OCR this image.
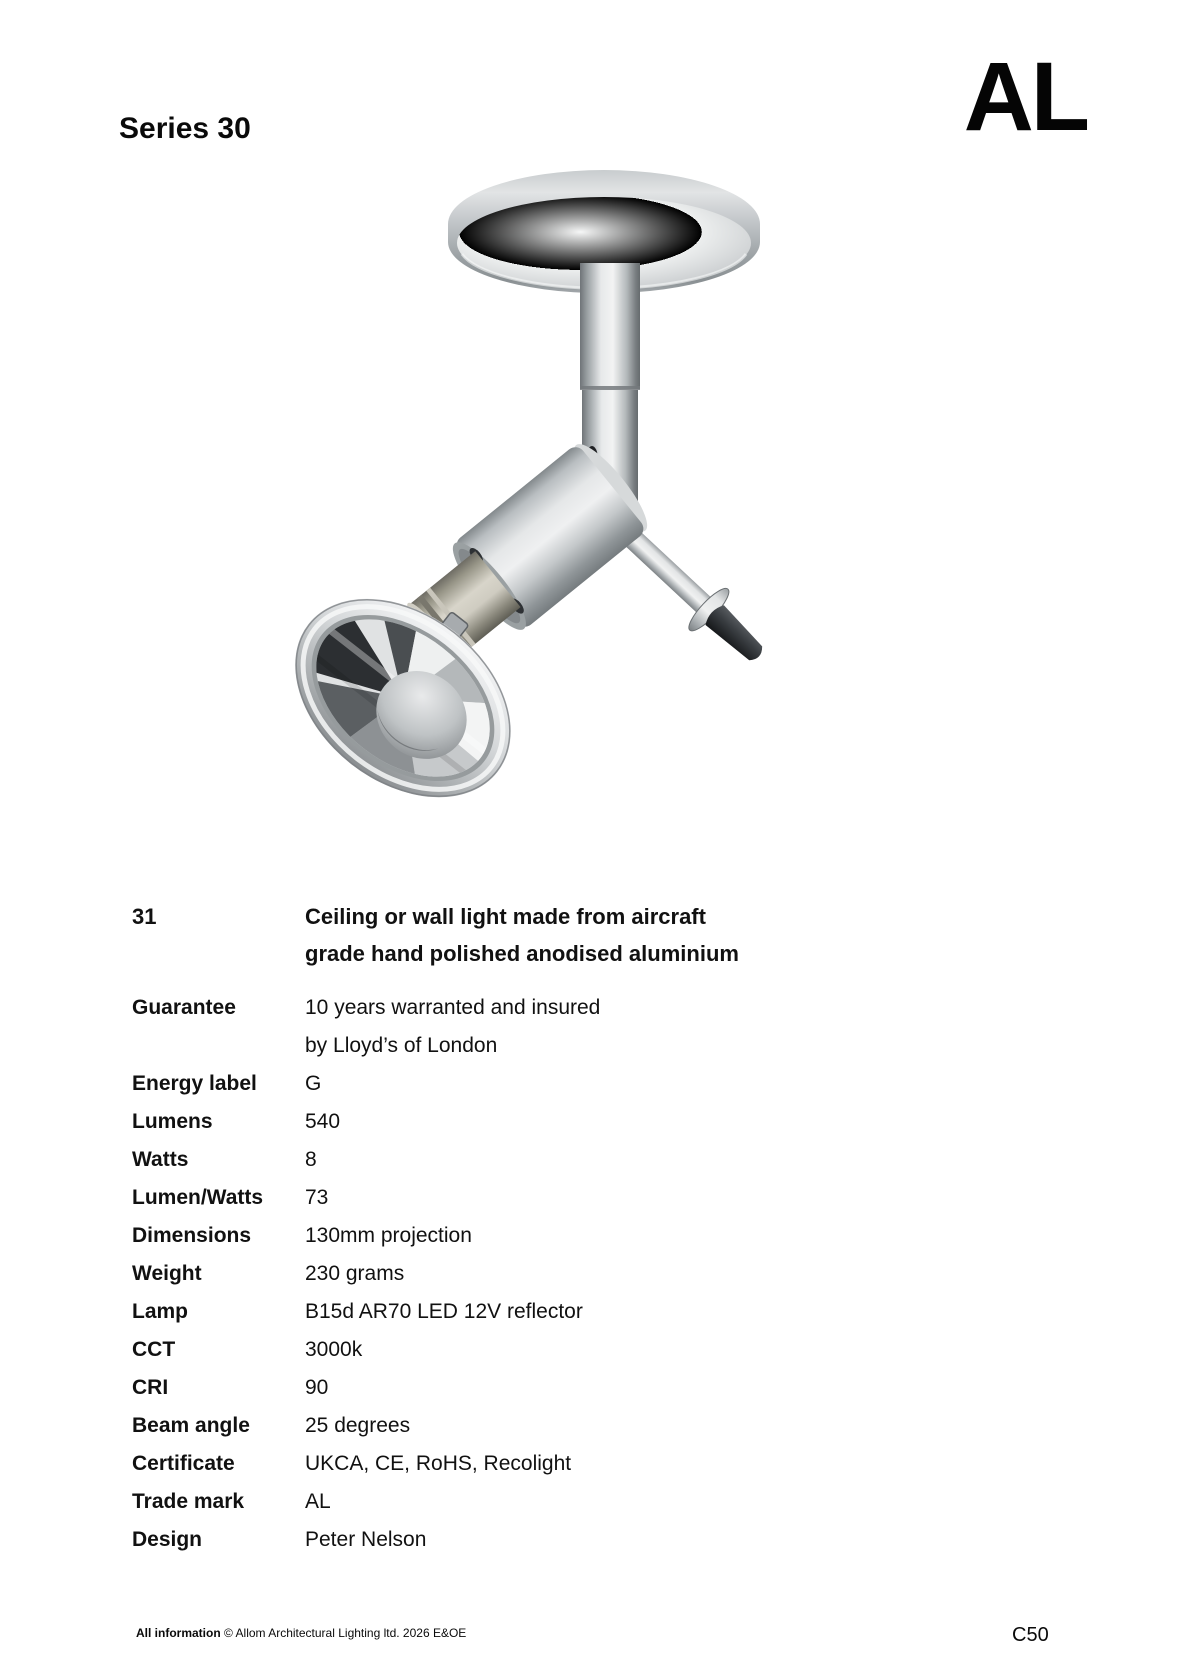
Series 30	AL
31	Ceiling or wall light made from aircraft
grade hand polished anodised aluminium
Guarantee	10 years warranted and insured
by Lloyd’s of London
Energy label	G
Lumens	540
Watts	8
Lumen/Watts	73
Dimensions	130mm projection
Weight	230 grams
Lamp	B15d AR70 LED 12V reflector
CCT	3000k
CRI	90
Beam angle	25 degrees
Certificate	UKCA, CE, RoHS, Recolight
Trade mark	AL
Design	Peter Nelson
All information © Allom Architectural Lighting ltd. 2026 E&OE	C50
